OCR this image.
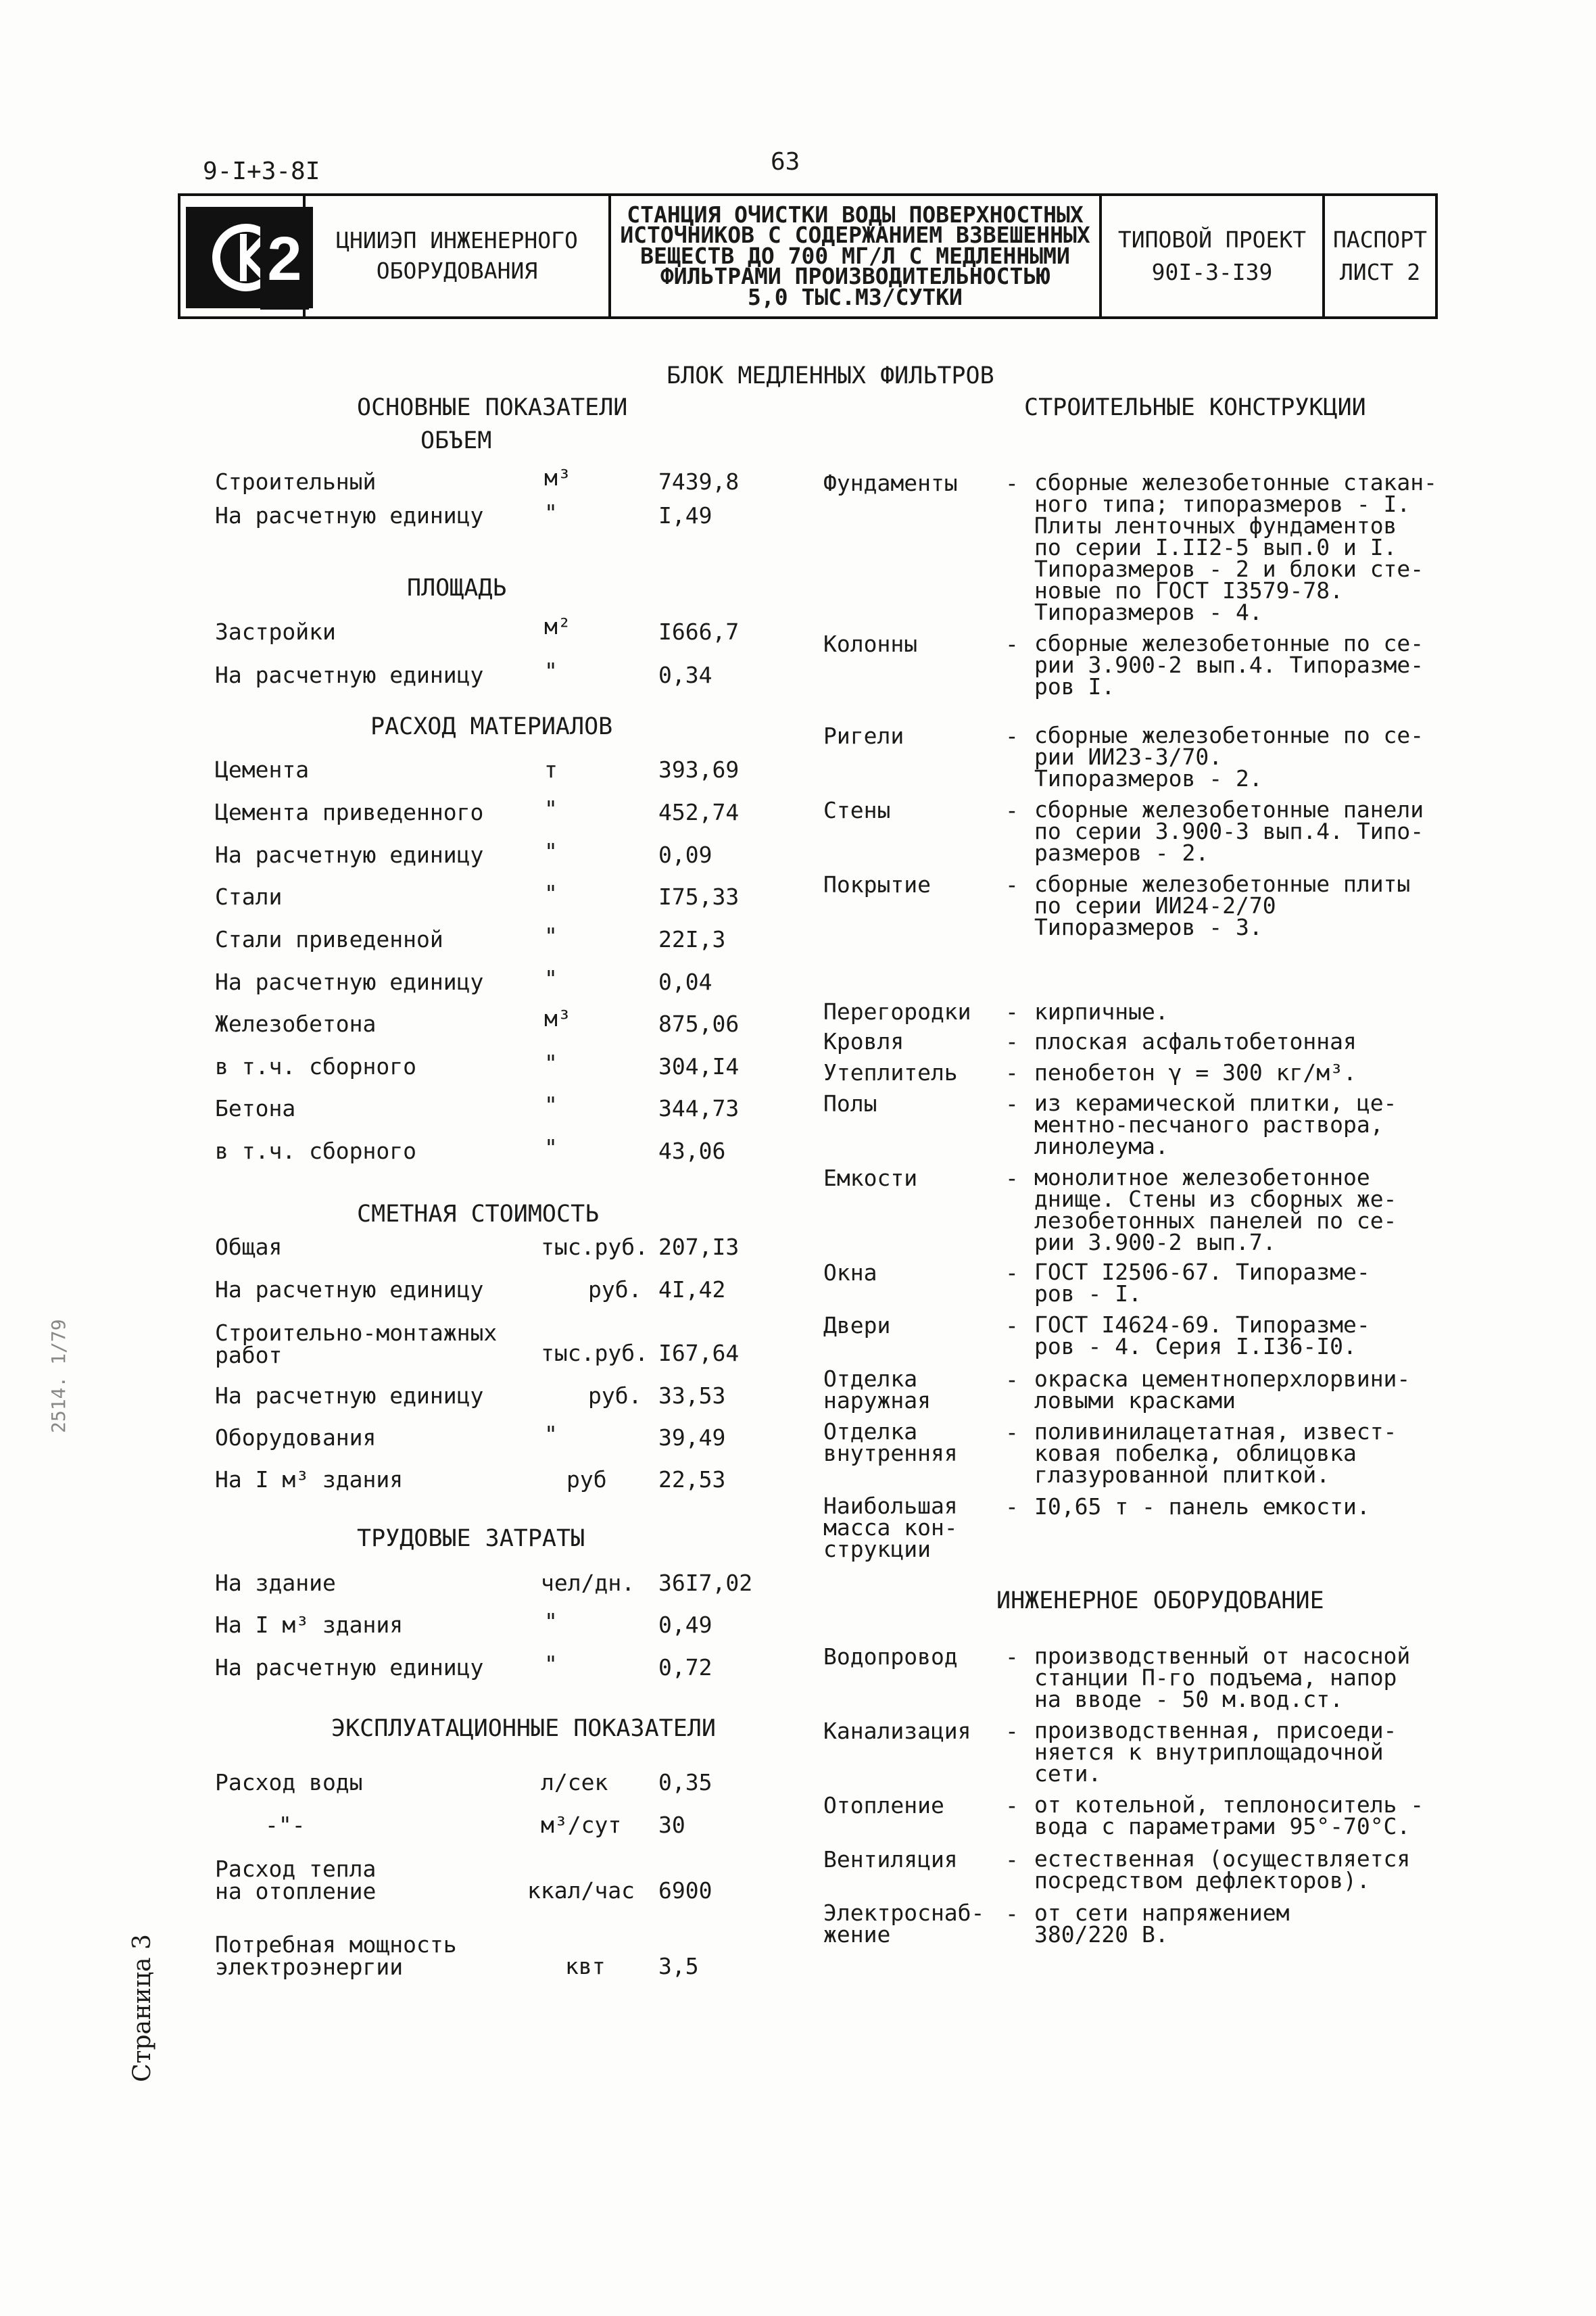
9-I+3-8I	63
2	ЦНИИЭП ИНЖЕНЕРНОГО
ОБОРУДОВАНИЯ
СТАНЦИЯ ОЧИСТКИ ВОДЫ ПОВЕРХНОСТНЫХ
ИСТОЧНИКОВ С СОДЕРЖАНИЕМ ВЗВЕШЕННЫХ
ВЕЩЕСТВ ДО 700 МГ/Л С МЕДЛЕННЫМИ
ФИЛЬТРАМИ ПРОИЗВОДИТЕЛЬНОСТЬЮ
5,0 ТЫС.МЗ/СУТКИ
ТИПОВОЙ ПРОЕКТ
90I-3-I39
ПАСПОРТ
ЛИСТ 2
БЛОК МЕДЛЕННЫХ ФИЛЬТРОВ
ОСНОВНЫЕ ПОКАЗАТЕЛИ
ОБЪЕМ
Строительный	м³	7439,8
На расчетную единицу	"	I,49
ПЛОЩАДЬ
Застройки	м²	I666,7
На расчетную единицу	"	0,34
РАСХОД МАТЕРИАЛОВ
Цемента	т	393,69
Цемента приведенного	"	452,74
На расчетную единицу	"	0,09
Стали	"	I75,33
Стали приведенной	"	22I,3
На расчетную единицу	"	0,04
Железобетона	м³	875,06
в т.ч. сборного	"	304,I4
Бетона	"	344,73
в т.ч. сборного	"	43,06
СМЕТНАЯ СТОИМОСТЬ
Общая	тыс.руб. 207,I3
На расчетную единицу	руб. 4I,42
Строительно-монтажных
работ	тыс.руб. I67,64
На расчетную единицу	руб. 33,53
Оборудования	"	39,49
На I м³ здания	руб 22,53
ТРУДОВЫЕ ЗАТРАТЫ
На здание	чел/дн. 36I7,02
На I м³ здания	"	0,49
На расчетную единицу	"	0,72
ЭКСПЛУАТАЦИОННЫЕ ПОКАЗАТЕЛИ
Расход воды	л/сек 0,35
-"-	м³/сут 30
Расход тепла
на отопление	ккал/час 6900
Потребная мощность
электроэнергии	квт 3,5
СТРОИТЕЛЬНЫЕ КОНСТРУКЦИИ
Фундаменты - сборные железобетонные стакан-
ного типа; типоразмеров - I.
Плиты ленточных фундаментов
по серии I.II2-5 вып.0 и I.
Типоразмеров - 2 и блоки сте-
новые по ГОСТ I3579-78.
Типоразмеров - 4.
Колонны	- сборные железобетонные по се-
рии 3.900-2 вып.4. Типоразме-
ров I.
Ригели	- сборные железобетонные по се-
рии ИИ23-3/70.
Типоразмеров - 2.
Стены	- сборные железобетонные панели
по серии 3.900-3 вып.4. Типо-
размеров - 2.
Покрытие	- сборные железобетонные плиты
по серии ИИ24-2/70
Типоразмеров - 3.
Перегородки - кирпичные.
Кровля	- плоская асфальтобетонная
Утеплитель - пенобетон γ = 300 кг/м³.
Полы	- из керамической плитки, це-
ментно-песчаного раствора,
линолеума.
Емкости	- монолитное железобетонное
днище. Стены из сборных же-
лезобетонных панелей по се-
рии 3.900-2 вып.7.
Окна	- ГОСТ I2506-67. Типоразме-
ров - I.
Двери	- ГОСТ I4624-69. Типоразме-
ров - 4. Серия I.I36-I0.
Отделка
наружная
- окраска цементноперхлорвини-
ловыми красками
Отделка
внутренняя
- поливинилацетатная, извест-
ковая побелка, облицовка
глазурованной плиткой.
Наибольшая
масса кон-
струкции
- I0,65 т - панель емкости.
ИНЖЕНЕРНОЕ ОБОРУДОВАНИЕ
Водопровод - производственный от насосной
станции П-го подъема, напор
на вводе - 50 м.вод.ст.
Канализация - производственная, присоеди-
няется к внутриплощадочной
сети.
Отопление	- от котельной, теплоноситель -
вода с параметрами 95°-70°С.
Вентиляция - естественная (осуществляется
посредством дефлекторов).
Электроснаб-
жение
- от сети напряжением
380/220 В.
2514. 1/79
Страница 3
